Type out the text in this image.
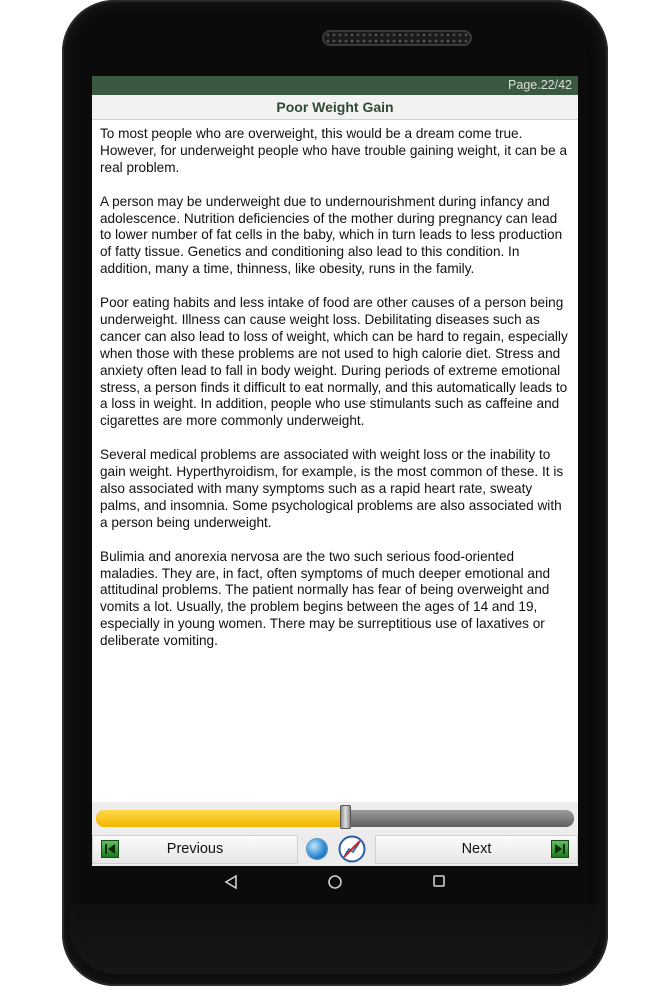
Page.22/42
Poor Weight Gain

To most people who are overweight, this would be a dream come true. However, for underweight people who have trouble gaining weight, it can be a real problem.

A person may be underweight due to undernourishment during infancy and adolescence. Nutrition deficiencies of the mother during pregnancy can lead to lower number of fat cells in the baby, which in turn leads to less production of fatty tissue. Genetics and conditioning also lead to this condition. In addition, many a time, thinness, like obesity, runs in the family.

Poor eating habits and less intake of food are other causes of a person being underweight. Illness can cause weight loss. Debilitating diseases such as cancer can also lead to loss of weight, which can be hard to regain, especially when those with these problems are not used to high calorie diet. Stress and anxiety often lead to fall in body weight. During periods of extreme emotional stress, a person finds it difficult to eat normally, and this automatically leads to a loss in weight. In addition, people who use stimulants such as caffeine and cigarettes are more commonly underweight.

Several medical problems are associated with weight loss or the inability to gain weight. Hyperthyroidism, for example, is the most common of these. It is also associated with many symptoms such as a rapid heart rate, sweaty palms, and insomnia. Some psychological problems are also associated with a person being underweight.

Bulimia and anorexia nervosa are the two such serious food-oriented maladies. They are, in fact, often symptoms of much deeper emotional and attitudinal problems. The patient normally has fear of being overweight and vomits a lot. Usually, the problem begins between the ages of 14 and 19, especially in young women. There may be surreptitious use of laxatives or deliberate vomiting.

Previous	Next
